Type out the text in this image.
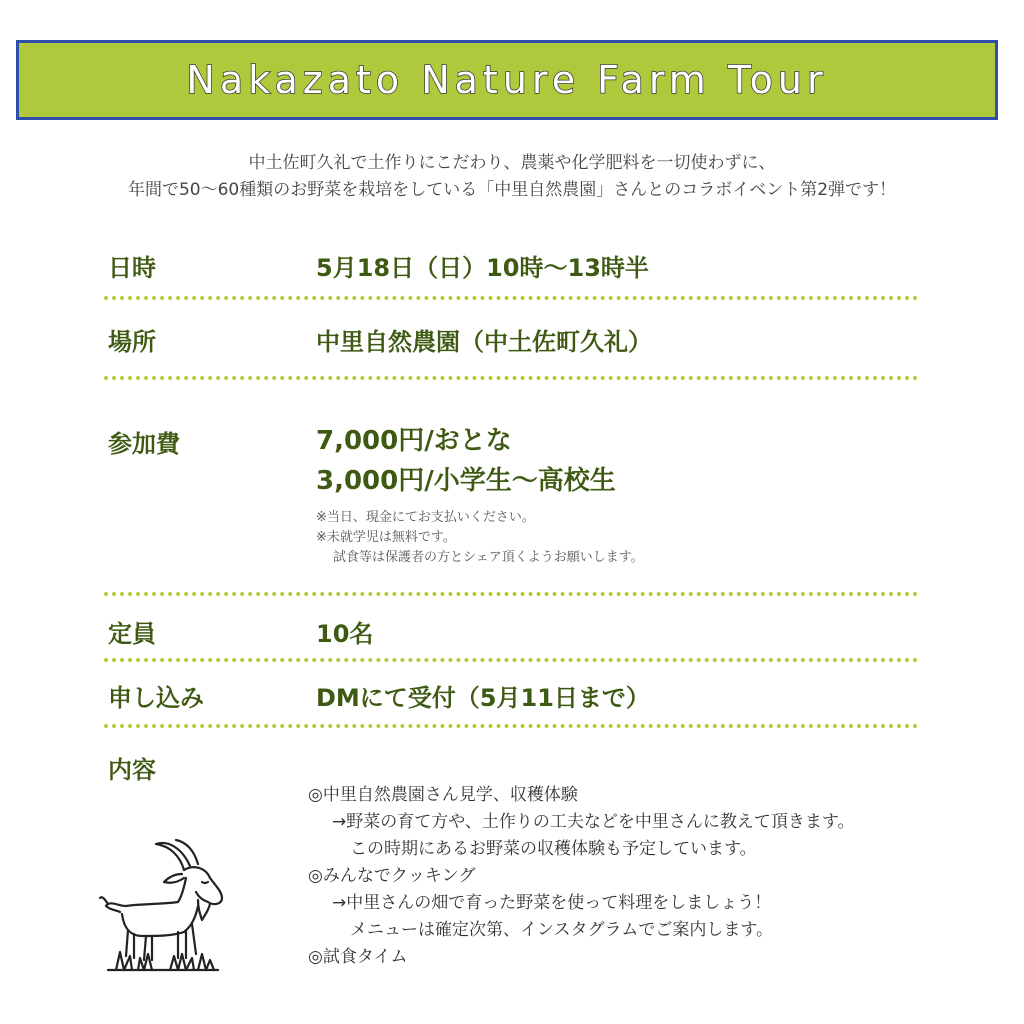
Nakazato Nature Farm Tour
中土佐町久礼で土作りにこだわり、農薬や化学肥料を一切使わずに、
年間で50〜60種類のお野菜を栽培をしている「中里自然農園」さんとのコラボイベント第2弾です！
日時	5月18日（日）10時〜13時半
場所	中里自然農園（中土佐町久礼）
参加費	7,000円/おとな
3,000円/小学生〜高校生
※当日、現金にてお支払いください。
※未就学児は無料です。
　試食等は保護者の方とシェア頂くようお願いします。
定員	10名
申し込み	DMにて受付（5月11日まで）
内容
◎中里自然農園さん見学、収穫体験
→野菜の育て方や、土作りの工夫などを中里さんに教えて頂きます。
この時期にあるお野菜の収穫体験も予定しています。
◎みんなでクッキング
→中里さんの畑で育った野菜を使って料理をしましょう！
メニューは確定次第、インスタグラムでご案内します。
◎試食タイム
